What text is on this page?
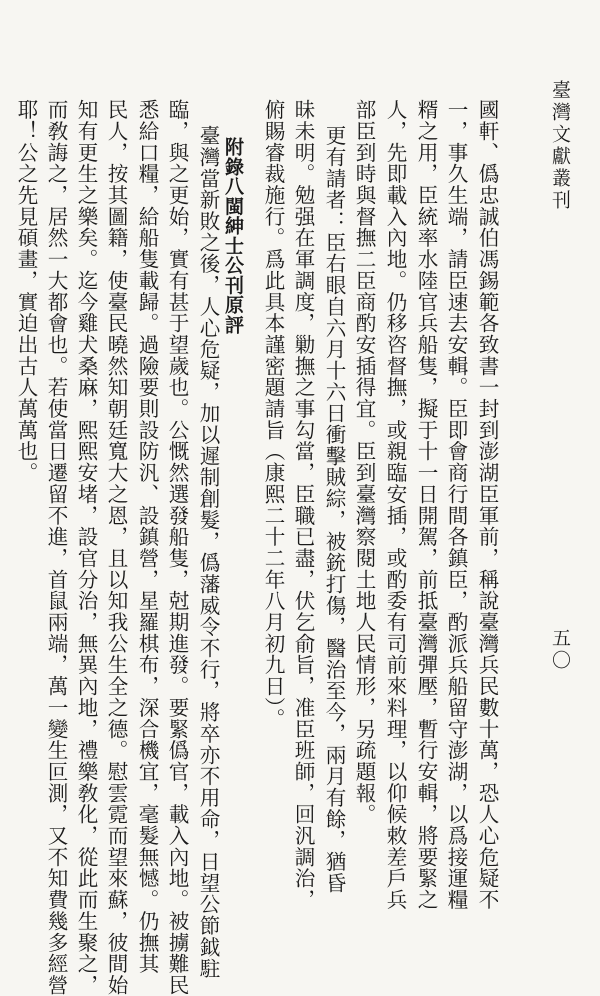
臺灣文獻叢刊
五〇
國軒、僞忠誠伯馮錫範各致書一封到澎湖臣軍前，稱說臺灣兵民數十萬，恐人心危疑不
一，事久生端，請臣速去安輯。臣即會商行間各鎮臣，酌派兵船留守澎湖，以爲接運糧
糈之用，臣統率水陸官兵船隻，擬于十一日開駕，前抵臺灣彈壓，暫行安輯，將要緊之
人，先即載入內地。仍移咨督撫，或親臨安插，或酌委有司前來料理，以仰候敕差戶兵
部臣到時與督撫二臣商酌安插得宜。臣到臺灣察閱土地人民情形，另疏題報。
更有請者：臣右眼自六月十六日衝擊賊綜，被銃打傷，醫治至今，兩月有餘，猶昏
昧未明。勉强在軍調度，勦撫之事勾當，臣職已盡，伏乞俞旨，准臣班師，回汎調治，
俯賜睿裁施行。爲此具本謹密題請旨（康熙二十二年八月初九日）。
附錄八閩紳士公刊原評
臺灣當新敗之後，人心危疑，加以遲制創髮，僞藩威令不行，將卒亦不用命，日望公節鉞駐
臨，與之更始，實有甚于望歲也。公慨然選發船隻，尅期進發。要緊僞官，載入內地。被擄難民
悉給口糧，給船隻載歸。過險要則設防汎、設鎮營，星羅棋布，深合機宜，毫髮無憾。仍撫其
民人，按其圖籍，使臺民曉然知朝廷寬大之恩，且以知我公生全之德。慰雲霓而望來蘇，彼間始
知有更生之樂矣。迄今雞犬桑麻，熙熙安堵，設官分治，無異內地，禮樂敎化，從此而生聚之，
而敎誨之，居然一大都會也。若使當日遷留不進，首鼠兩端，萬一變生叵測，又不知費幾多經營
耶！公之先見碩畫，實迫出古人萬萬也。
